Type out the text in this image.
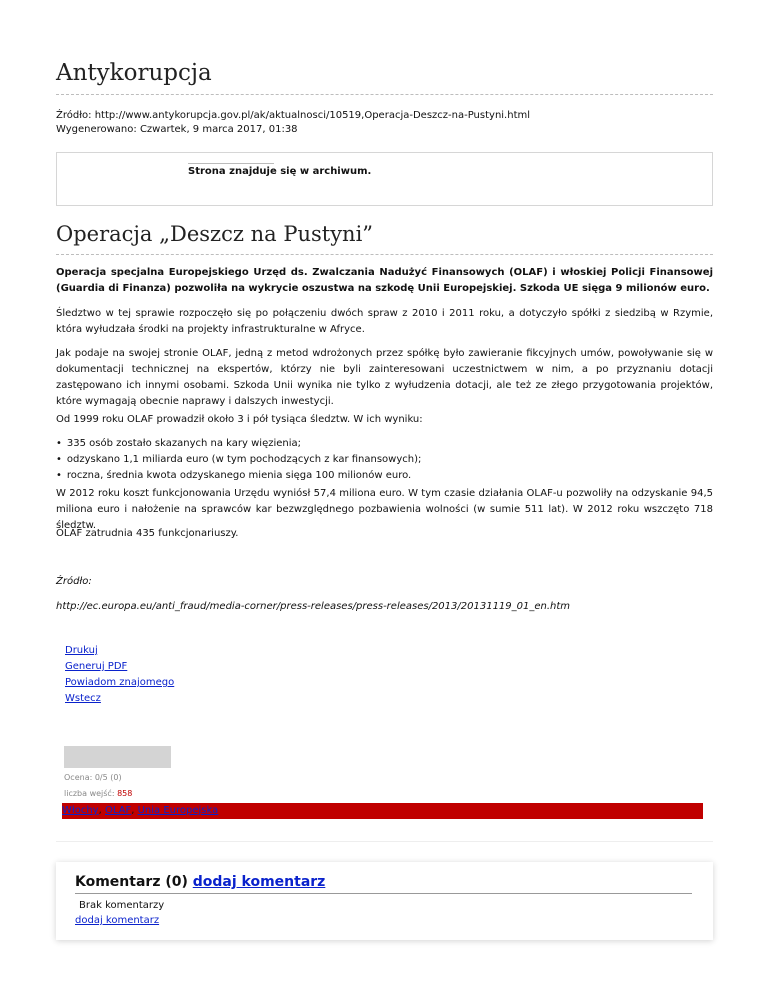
Antykorupcja
Źródło: http://www.antykorupcja.gov.pl/ak/aktualnosci/10519,Operacja-Deszcz-na-Pustyni.html
Wygenerowano: Czwartek, 9 marca 2017, 01:38
Strona znajduje się w archiwum.
Operacja „Deszcz na Pustyni”
Operacja specjalna Europejskiego Urzęd ds. Zwalczania Nadużyć Finansowych (OLAF) i włoskiej Policji Finansowej (Guardia di Finanza) pozwoliła na wykrycie oszustwa na szkodę Unii Europejskiej. Szkoda UE sięga 9 milionów euro.

Śledztwo w tej sprawie rozpoczęło się po połączeniu dwóch spraw z 2010 i 2011 roku, a dotyczyło spółki z siedzibą w Rzymie, która wyłudzała środki na projekty infrastrukturalne w Afryce.

Jak podaje na swojej stronie OLAF, jedną z metod wdrożonych przez spółkę było zawieranie fikcyjnych umów, powoływanie się w dokumentacji technicznej na ekspertów, którzy nie byli zainteresowani uczestnictwem w nim, a po przyznaniu dotacji zastępowano ich innymi osobami. Szkoda Unii wynika nie tylko z wyłudzenia dotacji, ale też ze złego przygotowania projektów, które wymagają obecnie naprawy i dalszych inwestycji.

Od 1999 roku OLAF prowadził około 3 i pół tysiąca śledztw. W ich wyniku:

• 335 osób zostało skazanych na kary więzienia;
• odzyskano 1,1 miliarda euro (w tym pochodzących z kar finansowych);
• roczna, średnia kwota odzyskanego mienia sięga 100 milionów euro.

W 2012 roku koszt funkcjonowania Urzędu wyniósł 57,4 miliona euro. W tym czasie działania OLAF-u pozwoliły na odzyskanie 94,5 miliona euro i nałożenie na sprawców kar bezwzględnego pozbawienia wolności (w sumie 511 lat). W 2012 roku wszczęto 718 śledztw.

OLAF zatrudnia 435 funkcjonariuszy.

Źródło:

http://ec.europa.eu/anti_fraud/media-corner/press-releases/press-releases/2013/20131119_01_en.htm

Drukuj
Generuj PDF
Powiadom znajomego
Wstecz
Ocena: 0/5 (0)
liczba wejść: 858
Włochy, OLAF, Unia Europejska
Komentarz (0) dodaj komentarz
Brak komentarzy
dodaj komentarz
